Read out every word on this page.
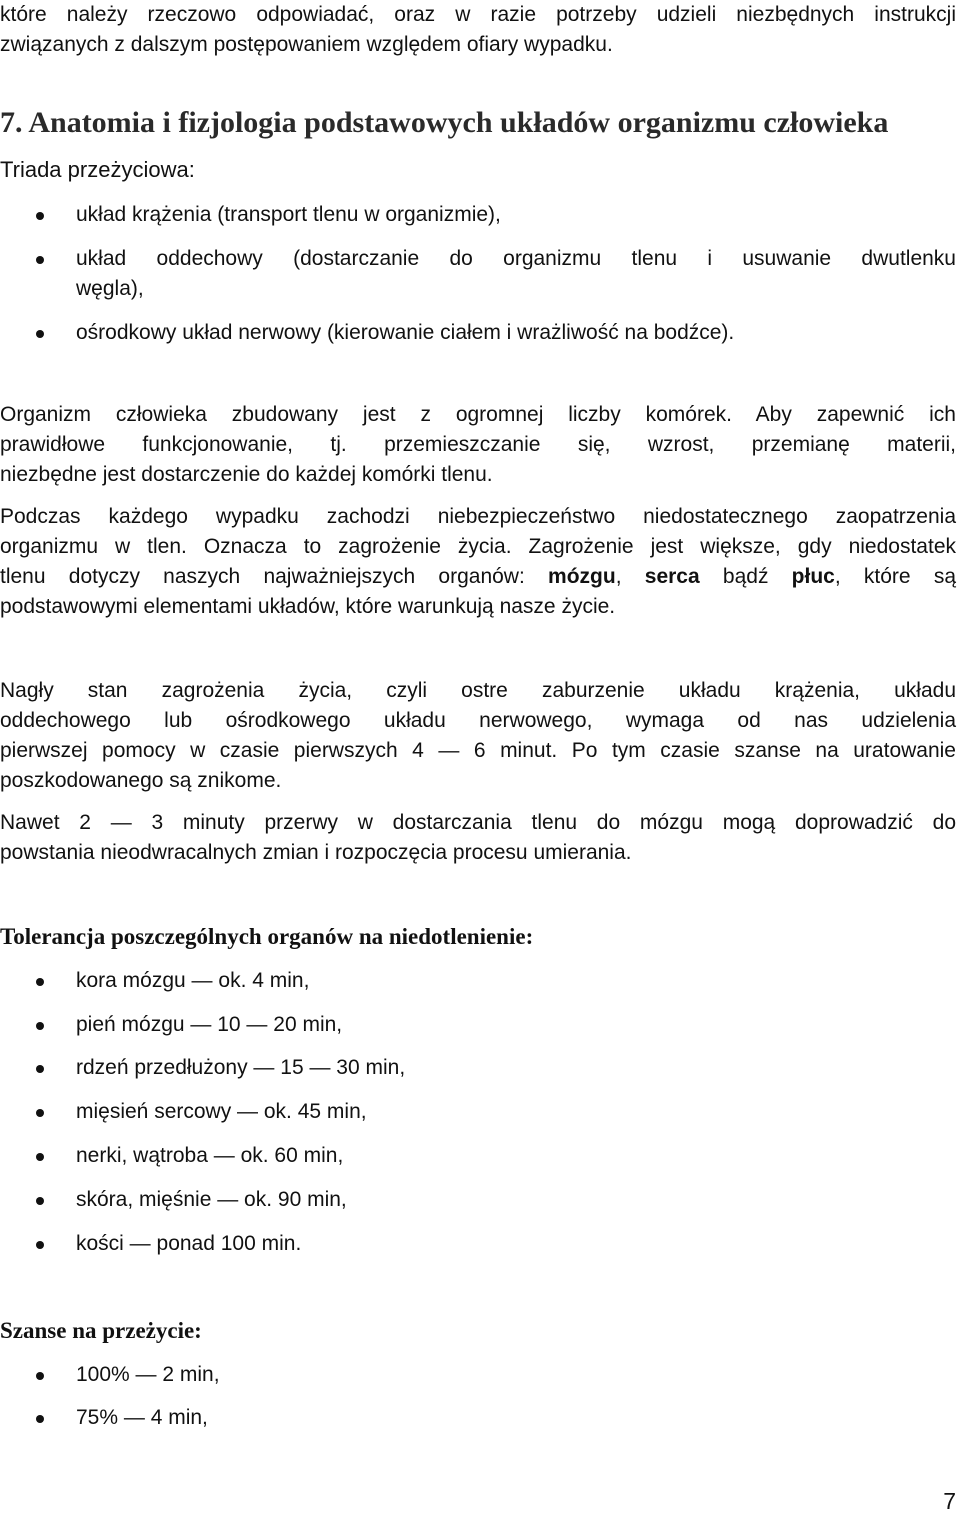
które należy rzeczowo odpowiadać, oraz w razie potrzeby udzieli niezbędnych instrukcji
związanych z dalszym postępowaniem względem ofiary wypadku.
7. Anatomia i fizjologia podstawowych układów organizmu człowieka
Triada przeżyciowa:
układ krążenia (transport tlenu w organizmie),
układ oddechowy (dostarczanie do organizmu tlenu i usuwanie dwutlenku
węgla),
ośrodkowy układ nerwowy (kierowanie ciałem i wrażliwość na bodźce).
Organizm człowieka zbudowany jest z ogromnej liczby komórek. Aby zapewnić ich
prawidłowe funkcjonowanie, tj. przemieszczanie się, wzrost, przemianę materii,
niezbędne jest dostarczenie do każdej komórki tlenu.
Podczas każdego wypadku zachodzi niebezpieczeństwo niedostatecznego zaopatrzenia
organizmu w tlen. Oznacza to zagrożenie życia. Zagrożenie jest większe, gdy niedostatek
tlenu dotyczy naszych najważniejszych organów: mózgu, serca bądź płuc, które są
podstawowymi elementami układów, które warunkują nasze życie.
Nagły stan zagrożenia życia, czyli ostre zaburzenie układu krążenia, układu
oddechowego lub ośrodkowego układu nerwowego, wymaga od nas udzielenia
pierwszej pomocy w czasie pierwszych 4 — 6 minut. Po tym czasie szanse na uratowanie
poszkodowanego są znikome.
Nawet 2 — 3 minuty przerwy w dostarczania tlenu do mózgu mogą doprowadzić do
powstania nieodwracalnych zmian i rozpoczęcia procesu umierania.
Tolerancja poszczególnych organów na niedotlenienie:
kora mózgu — ok. 4 min,
pień mózgu — 10 — 20 min,
rdzeń przedłużony — 15 — 30 min,
mięsień sercowy — ok. 45 min,
nerki, wątroba — ok. 60 min,
skóra, mięśnie — ok. 90 min,
kości — ponad 100 min.
Szanse na przeżycie:
100% — 2 min,
75% — 4 min,
7
